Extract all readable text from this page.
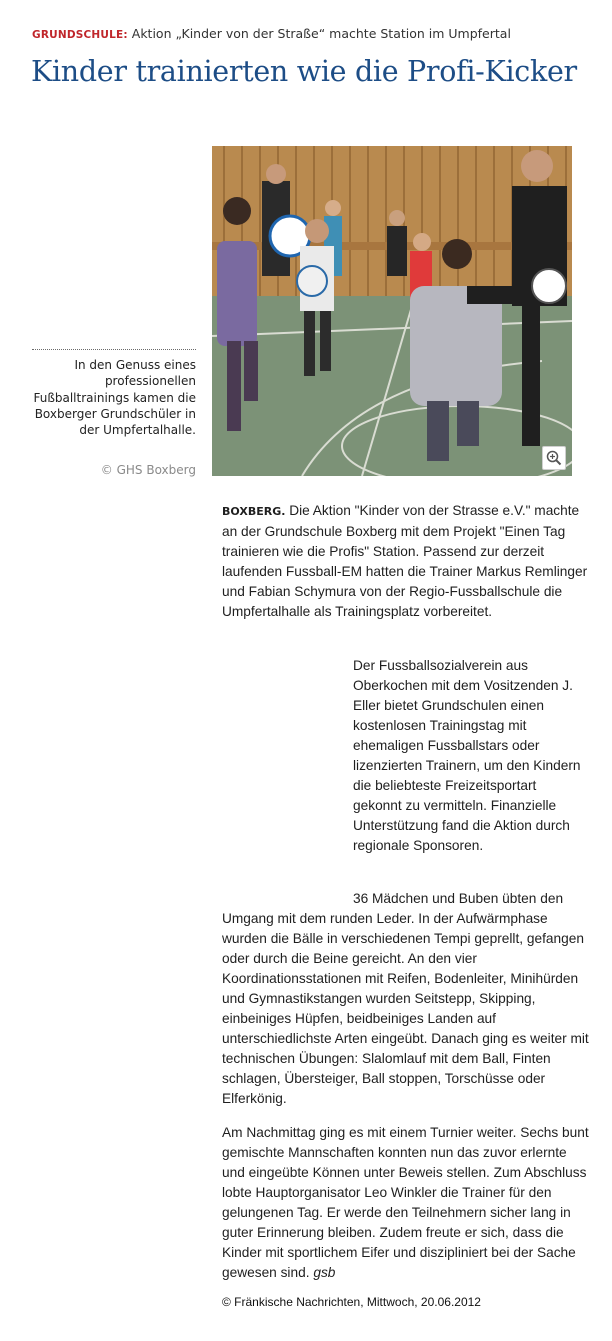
GRUNDSCHULE: Aktion „Kinder von der Straße“ machte Station im Umpfertal
Kinder trainierten wie die Profi-Kicker

In den Genuss eines professionellen Fußballtrainings kamen die Boxberger Grundschüler in der Umpfertalhalle.

© GHS Boxberg
BOXBERG. Die Aktion "Kinder von der Strasse e.V." machte an der Grundschule Boxberg mit dem Projekt "Einen Tag trainieren wie die Profis" Station. Passend zur derzeit laufenden Fussball-EM hatten die Trainer Markus Remlinger und Fabian Schymura von der Regio-Fussballschule die Umpfertalhalle als Trainingsplatz vorbereitet.
Der Fussballsozialverein aus Oberkochen mit dem Vositzenden J. Eller bietet Grundschulen einen kostenlosen Trainingstag mit ehemaligen Fussballstars oder lizenzierten Trainern, um den Kindern die beliebteste Freizeitsportart gekonnt zu vermitteln. Finanzielle Unterstützung fand die Aktion durch regionale Sponsoren.
36 Mädchen und Buben übten den Umgang mit dem runden Leder. In der Aufwärmphase wurden die Bälle in verschiedenen Tempi geprellt, gefangen oder durch die Beine gereicht. An den vier Koordinationsstationen mit Reifen, Bodenleiter, Minihürden und Gymnastikstangen wurden Seitstepp, Skipping, einbeiniges Hüpfen, beidbeiniges Landen auf unterschiedlichste Arten eingeübt. Danach ging es weiter mit technischen Übungen: Slalomlauf mit dem Ball, Finten schlagen, Übersteiger, Ball stoppen, Torschüsse oder Elferkönig.
Am Nachmittag ging es mit einem Turnier weiter. Sechs bunt gemischte Mannschaften konnten nun das zuvor erlernte und eingeübte Können unter Beweis stellen. Zum Abschluss lobte Hauptorganisator Leo Winkler die Trainer für den gelungenen Tag. Er werde den Teilnehmern sicher lang in guter Erinnerung bleiben. Zudem freute er sich, dass die Kinder mit sportlichem Eifer und diszipliniert bei der Sache gewesen sind. gsb
© Fränkische Nachrichten, Mittwoch, 20.06.2012
